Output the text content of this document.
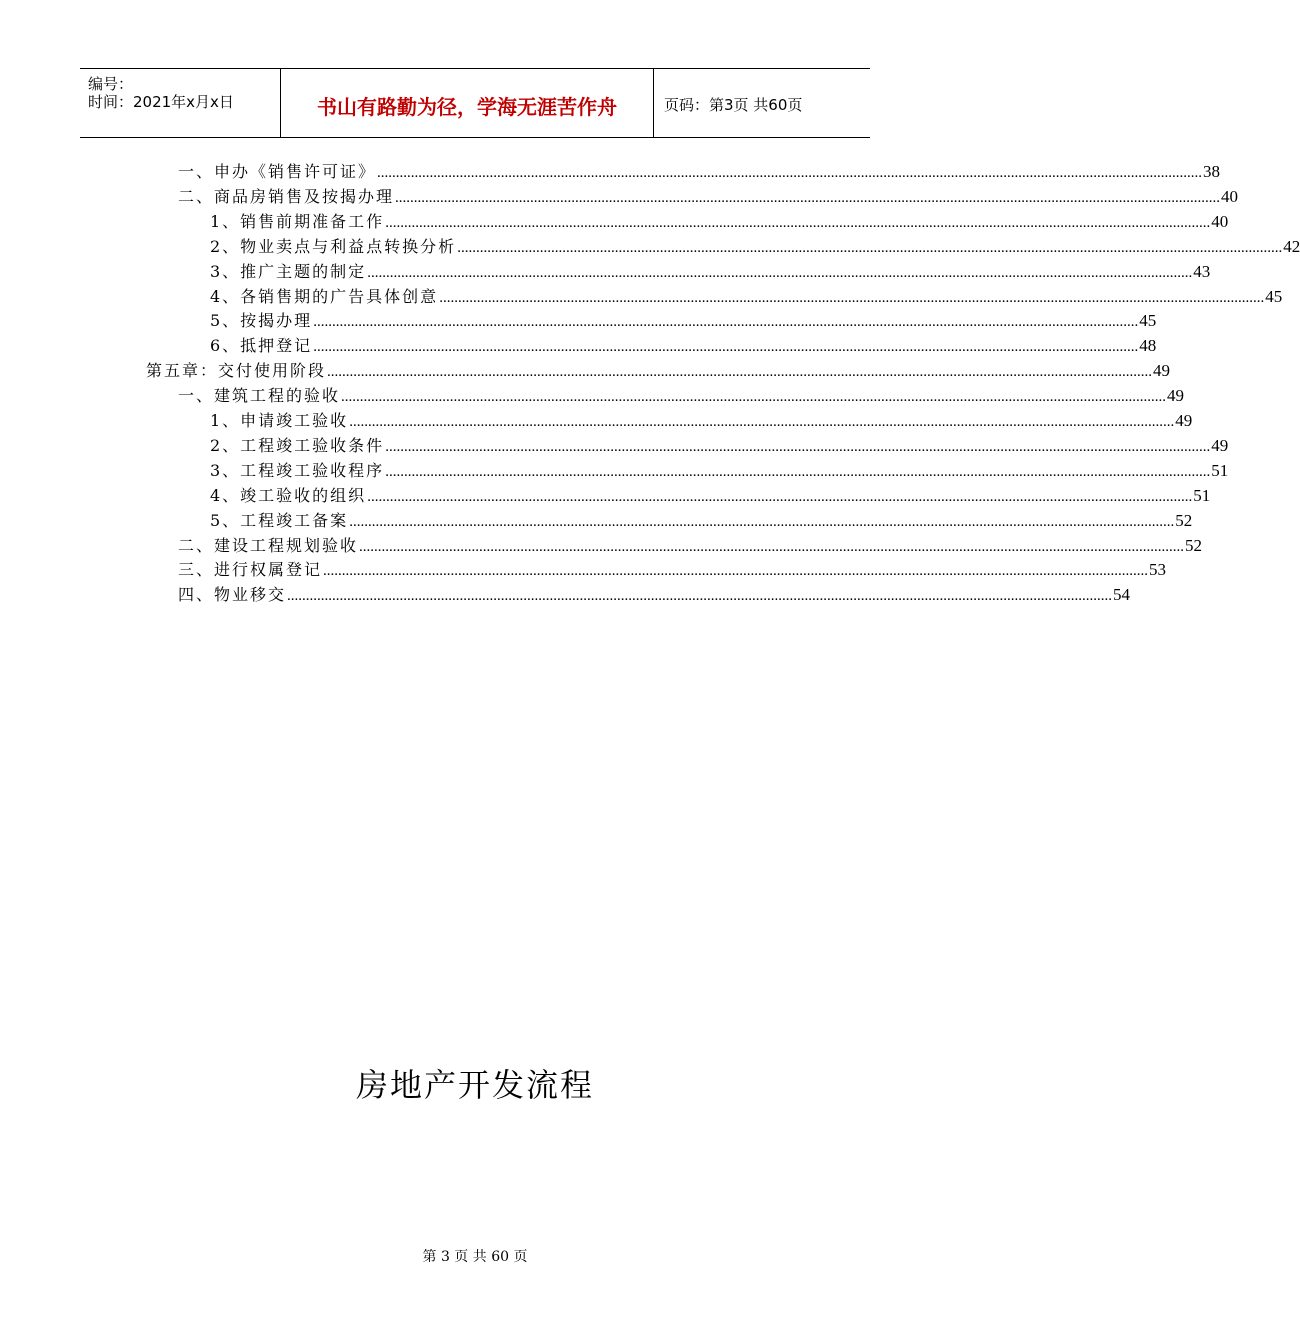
编号：
时间：2021年x月x日	书山有路勤为径，学海无涯苦作舟	页码：第3页 共60页
一、申办《销售许可证》 ............................................................................................................................................................................................................................ 38
二、商品房销售及按揭办理 ............................................................................................................................................................................................................................ 40
1、销售前期准备工作 ............................................................................................................................................................................................................................ 40
2、物业卖点与利益点转换分析 ............................................................................................................................................................................................................................ 42
3、推广主题的制定 ............................................................................................................................................................................................................................ 43
4、各销售期的广告具体创意 ............................................................................................................................................................................................................................ 45
5、按揭办理 ............................................................................................................................................................................................................................ 45
6、抵押登记 ............................................................................................................................................................................................................................ 48
第五章：交付使用阶段 ............................................................................................................................................................................................................................ 49
一、建筑工程的验收 ............................................................................................................................................................................................................................ 49
1、申请竣工验收 ............................................................................................................................................................................................................................ 49
2、工程竣工验收条件 ............................................................................................................................................................................................................................ 49
3、工程竣工验收程序 ............................................................................................................................................................................................................................ 51
4、竣工验收的组织 ............................................................................................................................................................................................................................ 51
5、工程竣工备案 ............................................................................................................................................................................................................................ 52
二、建设工程规划验收 ............................................................................................................................................................................................................................ 52
三、进行权属登记 ............................................................................................................................................................................................................................ 53
四、物业移交 ............................................................................................................................................................................................................................ 54
房地产开发流程
第 3 页 共 60 页
